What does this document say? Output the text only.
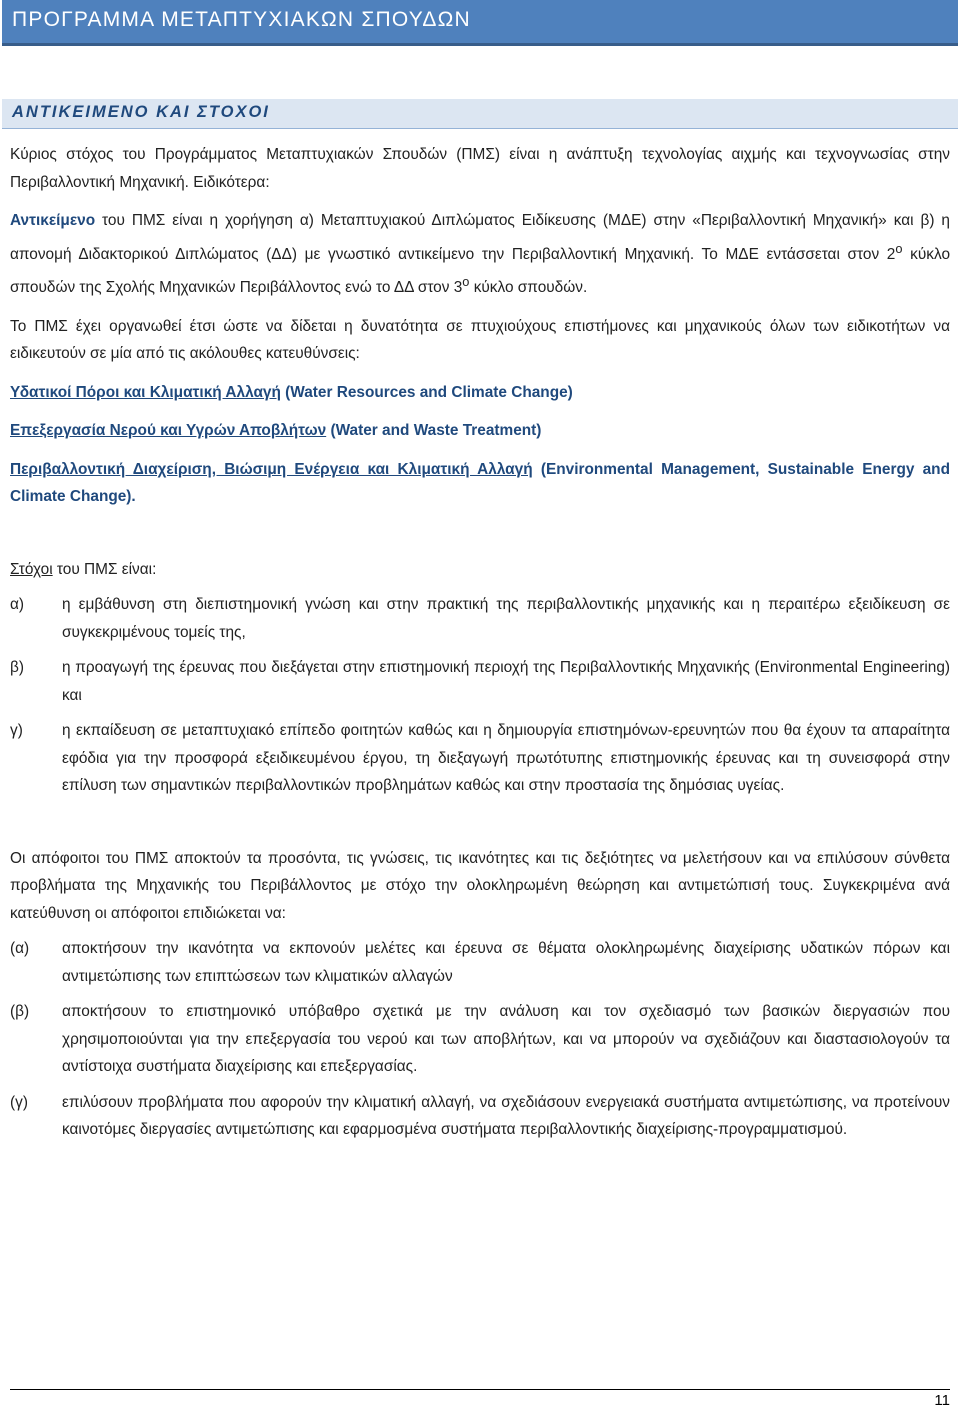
ΠΡΟΓΡΑΜΜΑ ΜΕΤΑΠΤΥΧΙΑΚΩΝ ΣΠΟΥΔΩΝ
ΑΝΤΙΚΕΙΜΕΝΟ ΚΑΙ ΣΤΟΧΟΙ

Κύριος στόχος του Προγράμματος Μεταπτυχιακών Σπουδών (ΠΜΣ) είναι η ανάπτυξη τεχνολογίας αιχμής και τεχνογνωσίας στην Περιβαλλοντική Μηχανική. Ειδικότερα:

Αντικείμενο του ΠΜΣ είναι η χορήγηση α) Μεταπτυχιακού Διπλώματος Ειδίκευσης (ΜΔΕ) στην «Περιβαλλοντική Μηχανική» και β) η απονομή Διδακτορικού Διπλώματος (ΔΔ) με γνωστικό αντικείμενο την Περιβαλλοντική Μηχανική. Το ΜΔΕ εντάσσεται στον $2^o$ κύκλο σπουδών της Σχολής Μηχανικών Περιβάλλοντος ενώ το ΔΔ στον $3^o$ κύκλο σπουδών.

Το ΠΜΣ έχει οργανωθεί έτσι ώστε να δίδεται η δυνατότητα σε πτυχιούχους επιστήμονες και μηχανικούς όλων των ειδικοτήτων να ειδικευτούν σε μία από τις ακόλουθες κατευθύνσεις:

Υδατικοί Πόροι και Κλιματική Αλλαγή (Water Resources and Climate Change)

Επεξεργασία Νερού και Υγρών Αποβλήτων (Water and Waste Treatment)

Περιβαλλοντική Διαχείριση, Βιώσιμη Ενέργεια και Κλιματική Αλλαγή (Environmental Management, Sustainable Energy and Climate Change).

Στόχοι του ΠΜΣ είναι:

α)	η εμβάθυνση στη διεπιστημονική γνώση και στην πρακτική της περιβαλλοντικής μηχανικής και η περαιτέρω εξειδίκευση σε συγκεκριμένους τομείς της,
β)	η προαγωγή της έρευνας που διεξάγεται στην επιστημονική περιοχή της Περιβαλλοντικής Μηχανικής (Environmental Engineering) και
γ)	η εκπαίδευση σε μεταπτυχιακό επίπεδο φοιτητών καθώς και η δημιουργία επιστημόνων-ερευνητών που θα έχουν τα απαραίτητα εφόδια για την προσφορά εξειδικευμένου έργου, τη διεξαγωγή πρωτότυπης επιστημονικής έρευνας και τη συνεισφορά στην επίλυση των σημαντικών περιβαλλοντικών προβλημάτων καθώς και στην προστασία της δημόσιας υγείας.

Οι απόφοιτοι του ΠΜΣ αποκτούν τα προσόντα, τις γνώσεις, τις ικανότητες και τις δεξιότητες να μελετήσουν και να επιλύσουν σύνθετα προβλήματα της Μηχανικής του Περιβάλλοντος με στόχο την ολοκληρωμένη θεώρηση και αντιμετώπισή τους. Συγκεκριμένα ανά κατεύθυνση οι απόφοιτοι επιδιώκεται να:

(α)	αποκτήσουν την ικανότητα να εκπονούν μελέτες και έρευνα σε θέματα ολοκληρωμένης διαχείρισης υδατικών πόρων και αντιμετώπισης των επιπτώσεων των κλιματικών αλλαγών
(β)	αποκτήσουν το επιστημονικό υπόβαθρο σχετικά με την ανάλυση και τον σχεδιασμό των βασικών διεργασιών που χρησιμοποιούνται για την επεξεργασία του νερού και των αποβλήτων, και να μπορούν να σχεδιάζουν και διαστασιολογούν τα αντίστοιχα συστήματα διαχείρισης και επεξεργασίας.
(γ)	επιλύσουν προβλήματα που αφορούν την κλιματική αλλαγή, να σχεδιάσουν ενεργειακά συστήματα αντιμετώπισης, να προτείνουν καινοτόμες διεργασίες αντιμετώπισης και εφαρμοσμένα συστήματα περιβαλλοντικής διαχείρισης-προγραμματισμού.
11
